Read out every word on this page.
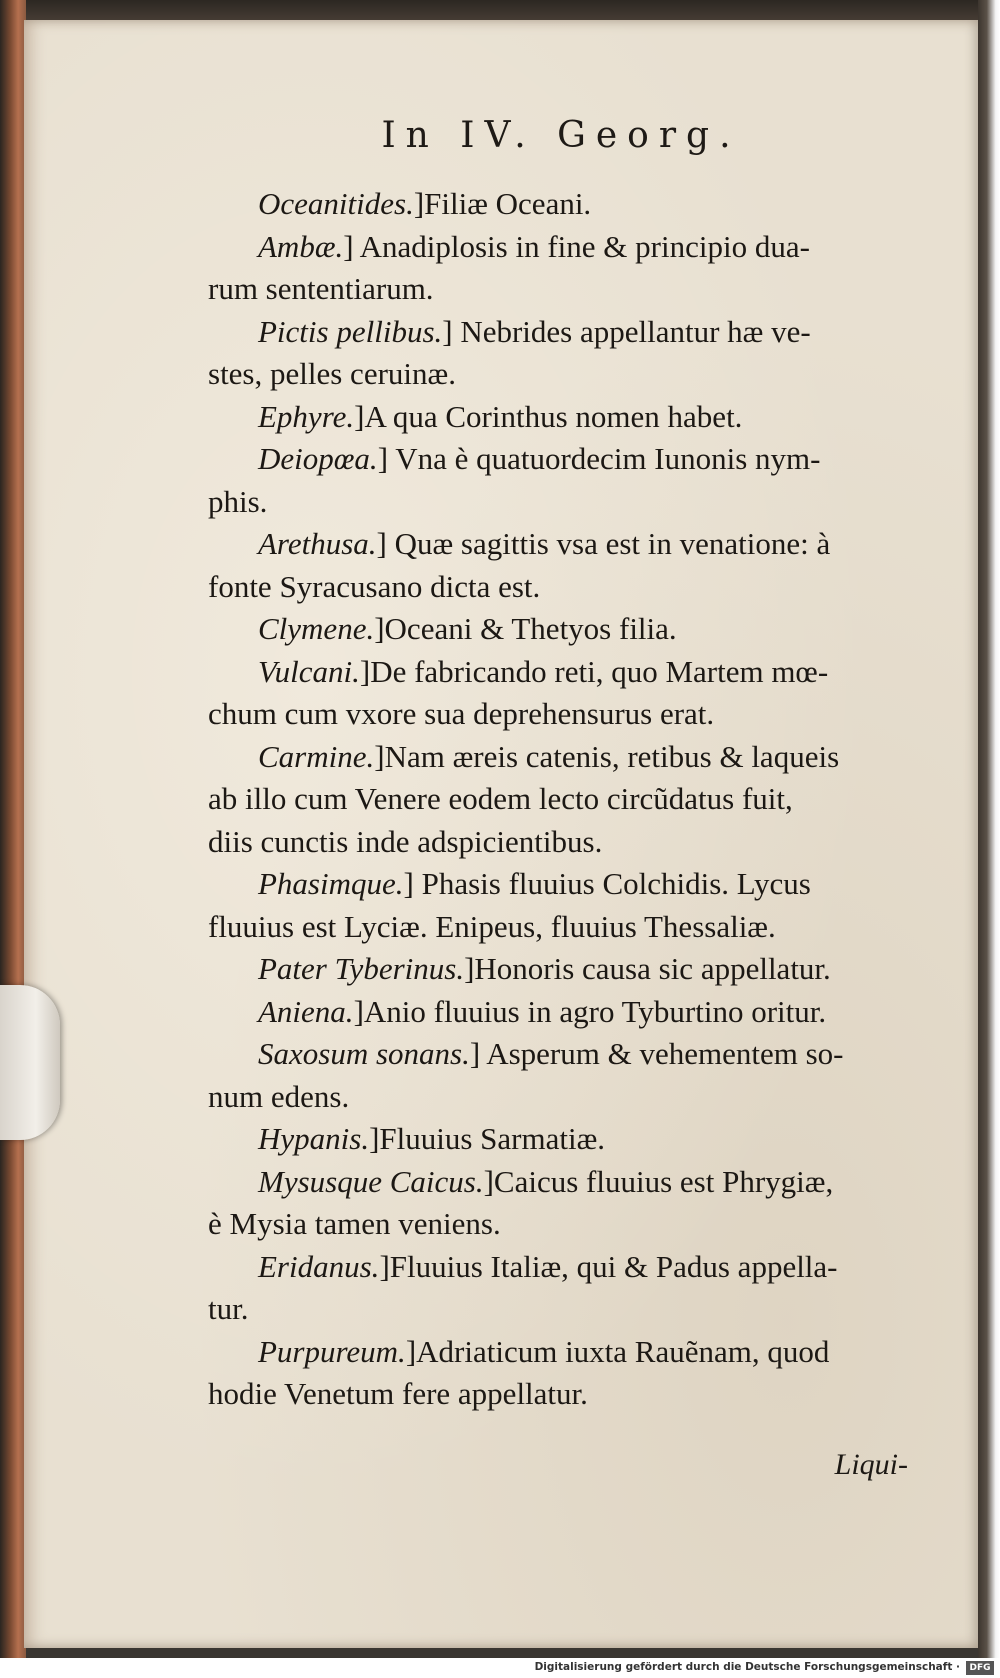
In IV. Georg.
Oceanitides.]Filiæ Oceani.
Ambæ.] Anadiplosis in fine & principio dua-
rum sententiarum.
Pictis pellibus.] Nebrides appellantur hæ ve-
stes, pelles ceruinæ.
Ephyre.]A qua Corinthus nomen habet.
Deiopœa.] Vna è quatuordecim Iunonis nym-
phis.
Arethusa.] Quæ sagittis vsa est in venatione: à
fonte Syracusano dicta est.
Clymene.]Oceani & Thetyos filia.
Vulcani.]De fabricando reti, quo Martem mœ-
chum cum vxore sua deprehensurus erat.
Carmine.]Nam æreis catenis, retibus & laqueis
ab illo cum Venere eodem lecto circũdatus fuit,
diis cunctis inde adspicientibus.
Phasimque.] Phasis fluuius Colchidis. Lycus
fluuius est Lyciæ. Enipeus, fluuius Thessaliæ.
Pater Tyberinus.]Honoris causa sic appellatur.
Aniena.]Anio fluuius in agro Tyburtino oritur.
Saxosum sonans.] Asperum & vehementem so-
num edens.
Hypanis.]Fluuius Sarmatiæ.
Mysusque Caicus.]Caicus fluuius est Phrygiæ,
è Mysia tamen veniens.
Eridanus.]Fluuius Italiæ, qui & Padus appella-
tur.
Purpureum.]Adriaticum iuxta Rauẽnam, quod
hodie Venetum fere appellatur.
Liqui-
Digitalisierung gefördert durch die Deutsche Forschungsgemeinschaft ·	DFG
